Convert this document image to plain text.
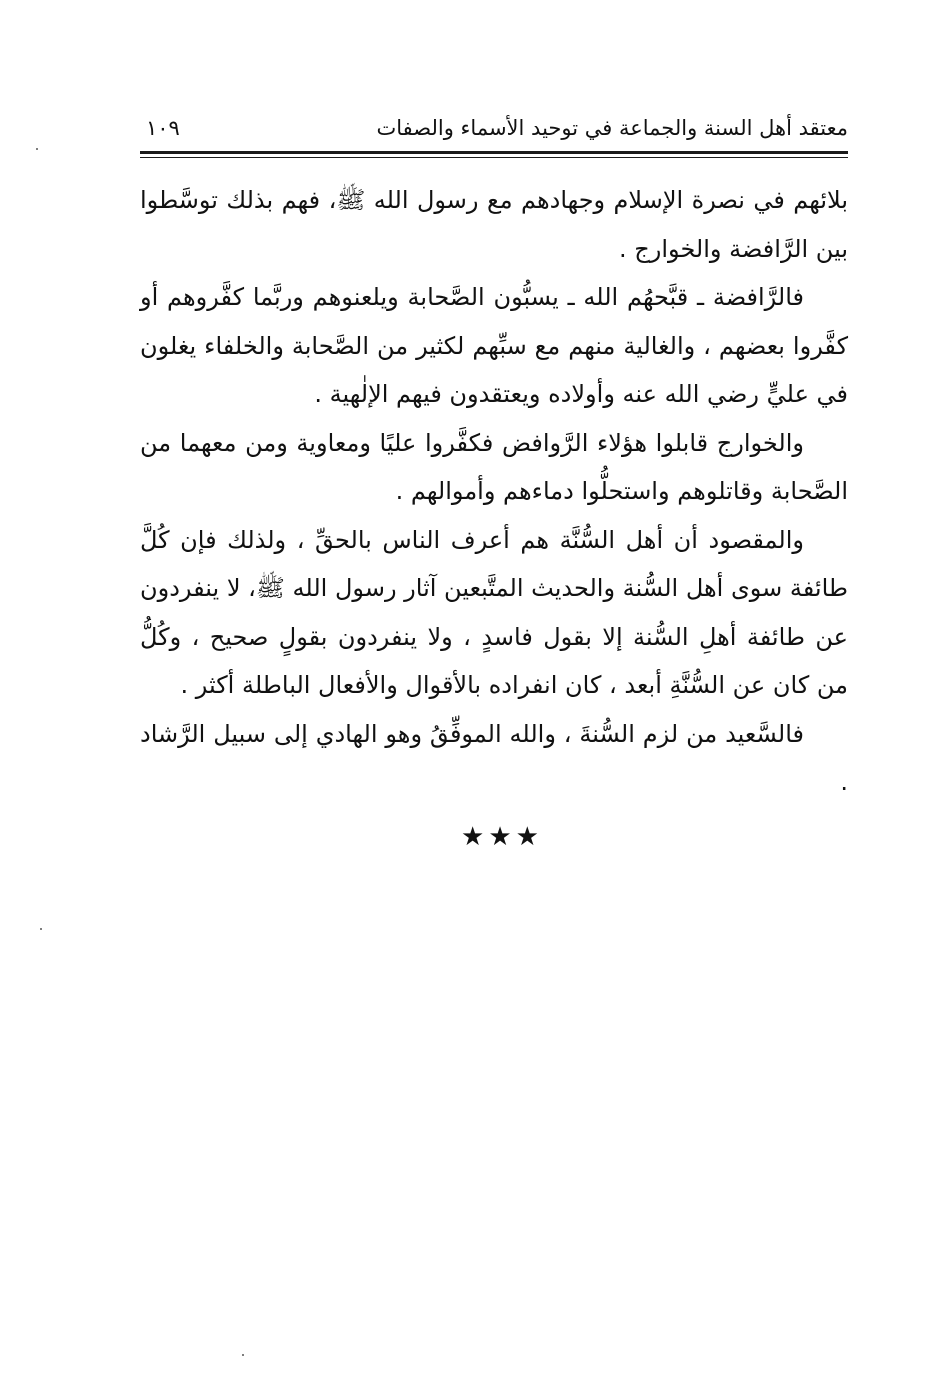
معتقد أهل السنة والجماعة في توحيد الأسماء والصفات
١٠٩

بلائهم في نصرة الإسلام وجهادهم مع رسول الله ﷺ، فهم بذلك توسَّطوا بين الرَّافضة والخوارج .

فالرَّافضة ـ قبَّحهُم الله ـ يسبُّون الصَّحابة ويلعنوهم وربَّما كفَّروهم أو كفَّروا بعضهم ، والغالية منهم مع سبِّهم لكثير من الصَّحابة والخلفاء يغلون في عليٍّ رضي الله عنه وأولاده ويعتقدون فيهم الإلٰهية .

والخوارج قابلوا هؤلاء الرَّوافض فكفَّروا عليًا ومعاوية ومن معهما من الصَّحابة وقاتلوهم واستحلُّوا دماءهم وأموالهم .

والمقصود أن أهل السُّنَّة هم أعرف الناس بالحقِّ ، ولذلك فإن كُلَّ طائفة سوى أهل السُّنة والحديث المتَّبعين آثار رسول الله ﷺ، لا ينفردون عن طائفة أهلِ السُّنة إلا بقول فاسدٍ ، ولا ينفردون بقولٍ صحيح ، وكُلُّ من كان عن السُّنَّةِ أبعد ، كان انفراده بالأقوال والأفعال الباطلة أكثر .

فالسَّعيد من لزم السُّنةَ ، والله الموفِّقُ وهو الهادي إلى سبيل الرَّشاد .

★★★
